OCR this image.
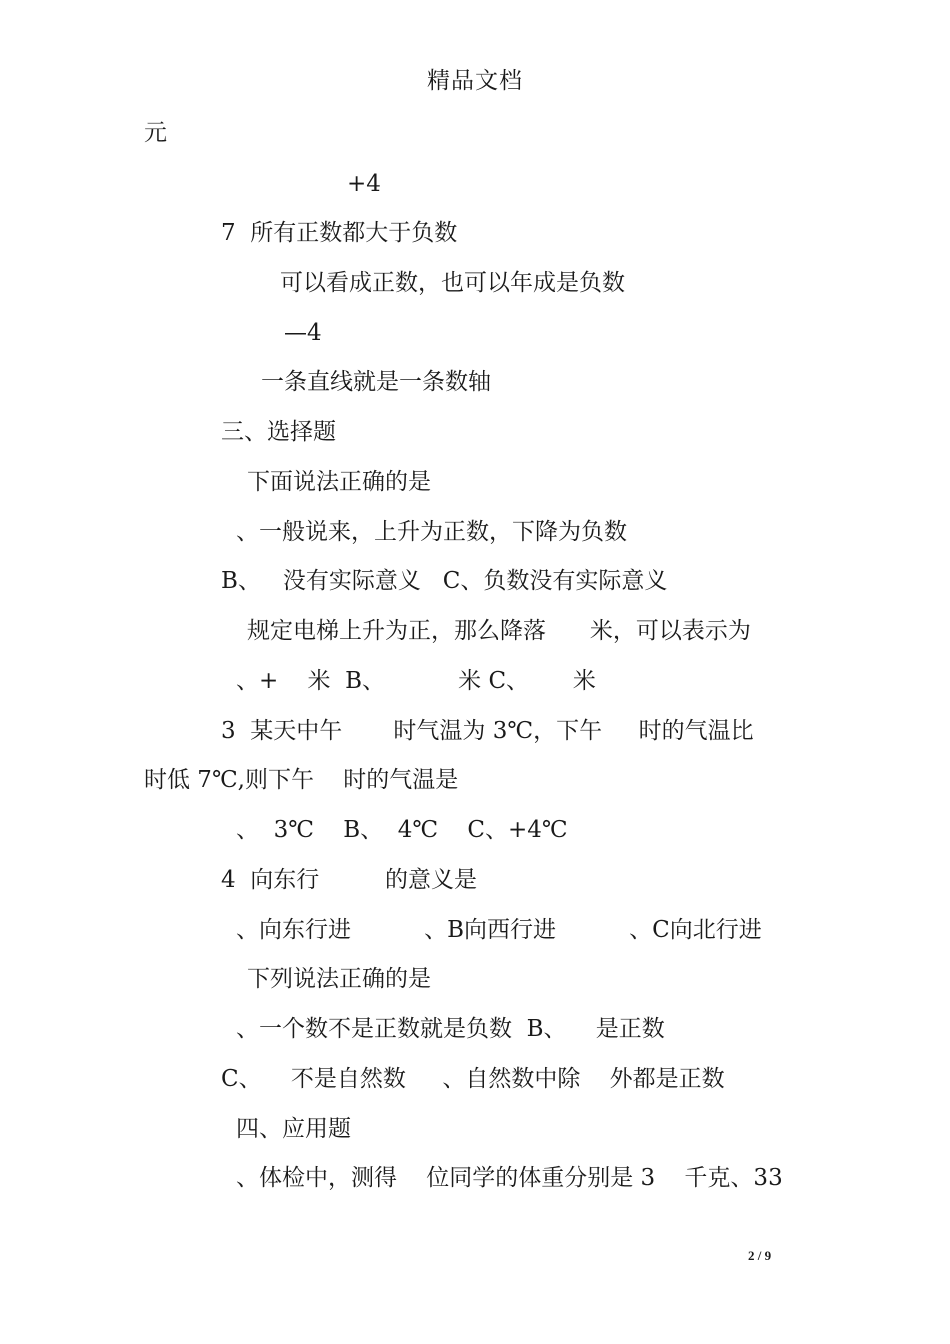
精品文档
元
+4
7  所有正数都大于负数
可以看成正数，也可以年成是负数
—4
一条直线就是一条数轴
三、选择题
下面说法正确的是
、一般说来，上升为正数，下降为负数
B、   没有实际意义   C、负数没有实际意义
规定电梯上升为正，那么降落      米，可以表示为
、+    米  B、          米 C、      米
3  某天中午       时气温为 3℃，下午     时的气温比
时低 7℃,则下午    时的气温是
、  3℃    B、  4℃    C、+4℃
4  向东行         的意义是
、向东行进          、B向西行进          、C向北行进
下列说法正确的是
、一个数不是正数就是负数  B、    是正数
C、    不是自然数     、自然数中除    外都是正数
四、应用题
、体检中，测得    位同学的体重分别是 3    千克、33
2 / 9
